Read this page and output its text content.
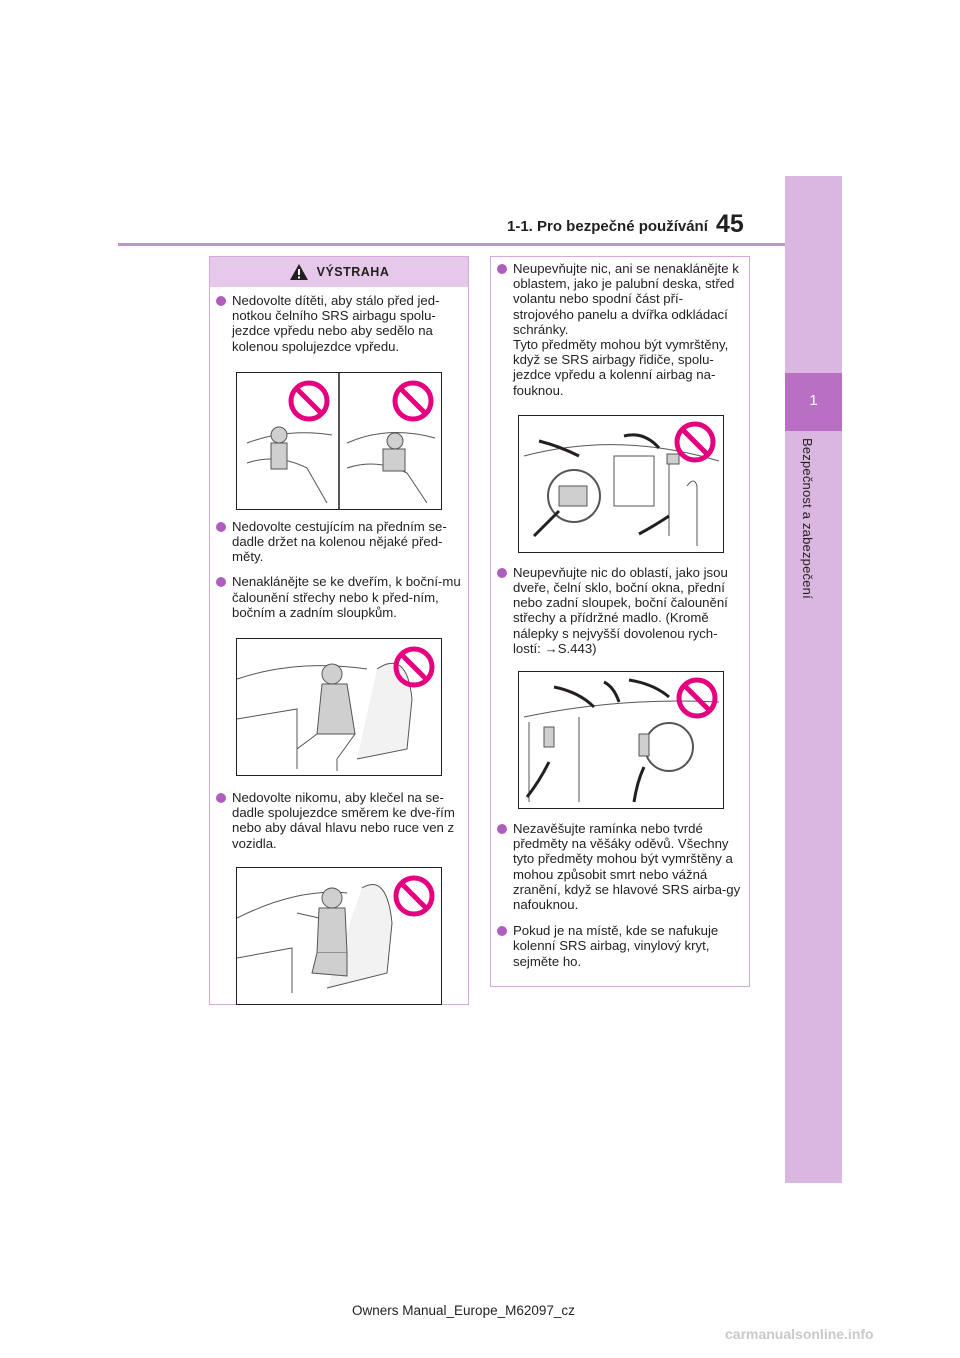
1-1. Pro bezpečné používání 45
1
Bezpečnost a zabezpečení
VÝSTRAHA
Nedovolte dítěti, aby stálo před jed-notkou čelního SRS airbagu spolu-jezdce vpředu nebo aby sedělo na kolenou spolujezdce vpředu.
Nedovolte cestujícím na předním se-dadle držet na kolenou nějaké před-měty.
Nenaklánějte se ke dveřím, k boční-mu čalounění střechy nebo k před-ním, bočním a zadním sloupkům.
Nedovolte nikomu, aby klečel na se-dadle spolujezdce směrem ke dve-řím nebo aby dával hlavu nebo ruce ven z vozidla.
Neupevňujte nic, ani se nenaklánějte k oblastem, jako je palubní deska, střed volantu nebo spodní část pří-strojového panelu a dvířka odkládací schránky.
Tyto předměty mohou být vymrštěny, když se SRS airbagy řidiče, spolu-jezdce vpředu a kolenní airbag na-fouknou.
Neupevňujte nic do oblastí, jako jsou dveře, čelní sklo, boční okna, přední nebo zadní sloupek, boční čalounění střechy a přídržné madlo. (Kromě nálepky s nejvyšší dovolenou rych-lostí: →S.443)
Nezavěšujte ramínka nebo tvrdé předměty na věšáky oděvů. Všechny tyto předměty mohou být vymrštěny a mohou způsobit smrt nebo vážná zranění, když se hlavové SRS airba-gy nafouknou.
Pokud je na místě, kde se nafukuje kolenní SRS airbag, vinylový kryt, sejměte ho.
Owners Manual_Europe_M62097_cz
carmanualsonline.info
